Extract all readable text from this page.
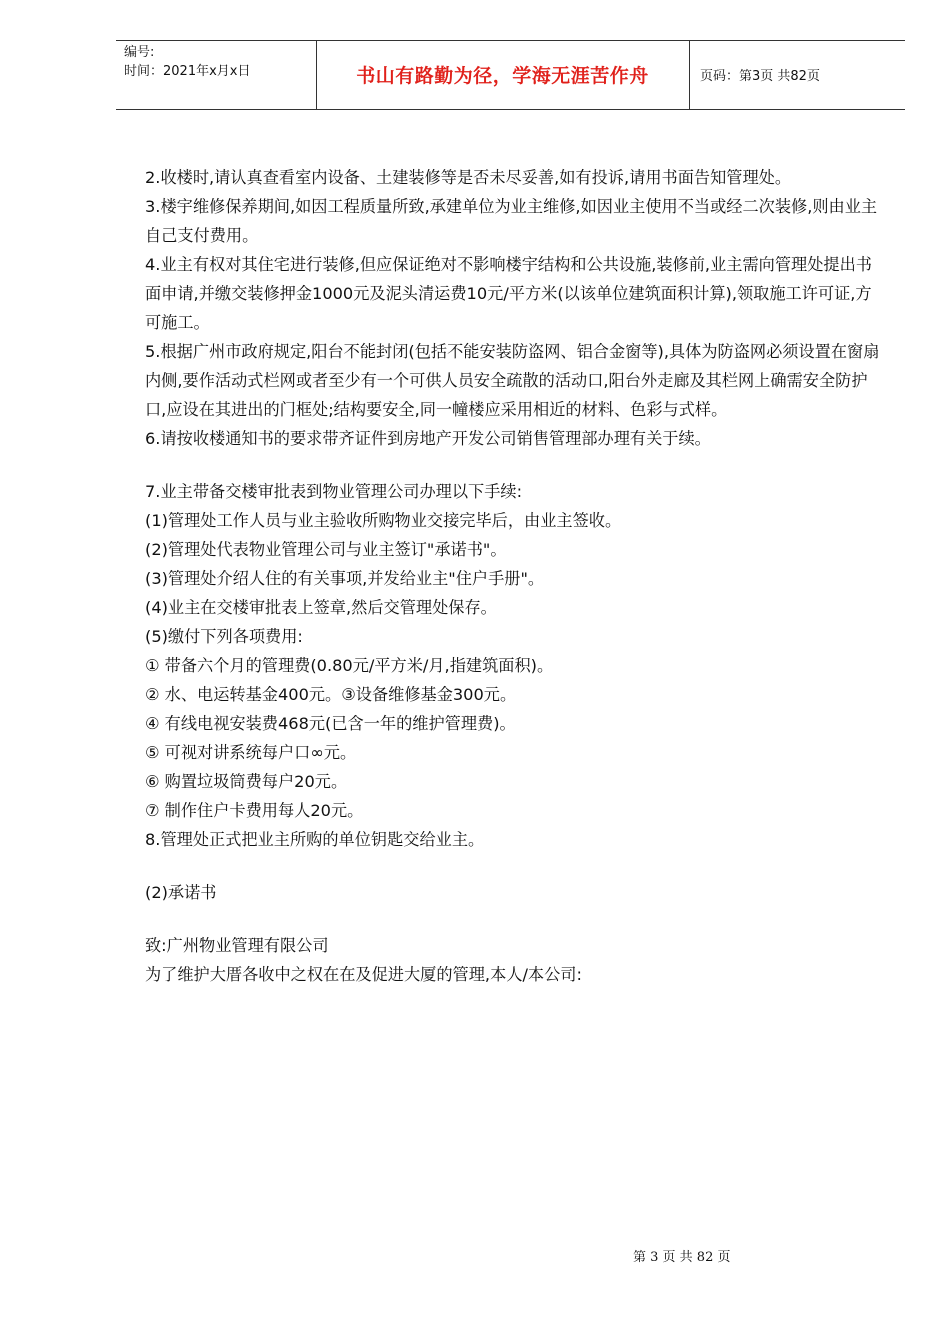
编号:
时间：2021年x月x日	书山有路勤为径，学海无涯苦作舟	页码：第3页 共82页

2.收楼时,请认真查看室内设备、土建装修等是否未尽妥善,如有投诉,请用书面告知管理处。

3.楼宇维修保养期间,如因工程质量所致,承建单位为业主维修,如因业主使用不当或经二次装修,则由业主自己支付费用。

4.业主有权对其住宅进行装修,但应保证绝对不影响楼宇结构和公共设施,装修前,业主需向管理处提出书面申请,并缴交装修押金1000元及泥头清运费10元/平方米(以该单位建筑面积计算),领取施工许可证,方可施工。

5.根据广州市政府规定,阳台不能封闭(包括不能安装防盗网、铝合金窗等),具体为防盗网必须设置在窗扇内侧,要作活动式栏网或者至少有一个可供人员安全疏散的活动口,阳台外走廊及其栏网上确需安全防护口,应设在其进出的门框处;结构要安全,同一幢楼应采用相近的材料、色彩与式样。

6.请按收楼通知书的要求带齐证件到房地产开发公司销售管理部办理有关于续。

7.业主带备交楼审批表到物业管理公司办理以下手续:

(1)管理处工作人员与业主验收所购物业交接完毕后，由业主签收。

(2)管理处代表物业管理公司与业主签订"承诺书"。

(3)管理处介绍人住的有关事项,并发给业主"住户手册"。

(4)业主在交楼审批表上签章,然后交管理处保存。

(5)缴付下列各项费用:

① 带备六个月的管理费(0.80元/平方米/月,指建筑面积)。

② 水、电运转基金400元。③设备维修基金300元。

④ 有线电视安装费468元(已含一年的维护管理费)。

⑤ 可视对讲系统每户口∞元。

⑥ 购置垃圾筒费每户20元。

⑦ 制作住户卡费用每人20元。

8.管理处正式把业主所购的单位钥匙交给业主。

(2)承诺书

致:广州物业管理有限公司

为了维护大厝各收中之权在在及促进大厦的管理,本人/本公司:

第 3 页 共 82 页
